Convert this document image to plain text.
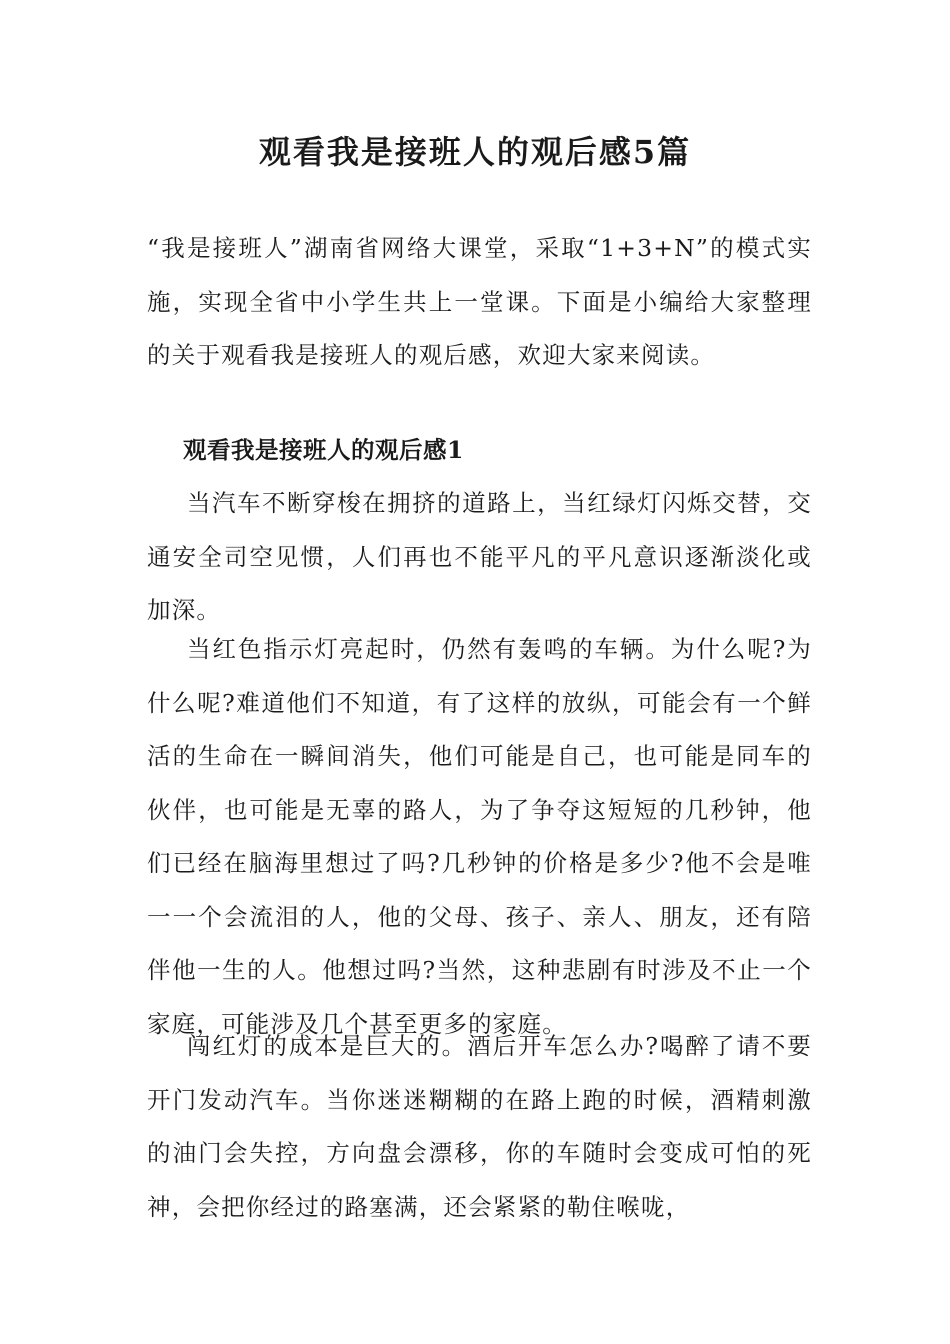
观看我是接班人的观后感5篇

“我是接班人”湖南省网络大课堂，采取“1+3+N”的模式实施，实现全省中小学生共上一堂课。下面是小编给大家整理的关于观看我是接班人的观后感，欢迎大家来阅读。

观看我是接班人的观后感1

当汽车不断穿梭在拥挤的道路上，当红绿灯闪烁交替，交通安全司空见惯，人们再也不能平凡的平凡意识逐渐淡化或加深。

当红色指示灯亮起时，仍然有轰鸣的车辆。为什么呢?为什么呢?难道他们不知道，有了这样的放纵，可能会有一个鲜活的生命在一瞬间消失，他们可能是自己，也可能是同车的伙伴，也可能是无辜的路人，为了争夺这短短的几秒钟，他们已经在脑海里想过了吗?几秒钟的价格是多少?他不会是唯一一个会流泪的人，他的父母、孩子、亲人、朋友，还有陪伴他一生的人。他想过吗?当然，这种悲剧有时涉及不止一个家庭，可能涉及几个甚至更多的家庭。

闯红灯的成本是巨大的。酒后开车怎么办?喝醉了请不要开门发动汽车。当你迷迷糊糊的在路上跑的时候，酒精刺激的油门会失控，方向盘会漂移，你的车随时会变成可怕的死神，会把你经过的路塞满，还会紧紧的勒住喉咙，
